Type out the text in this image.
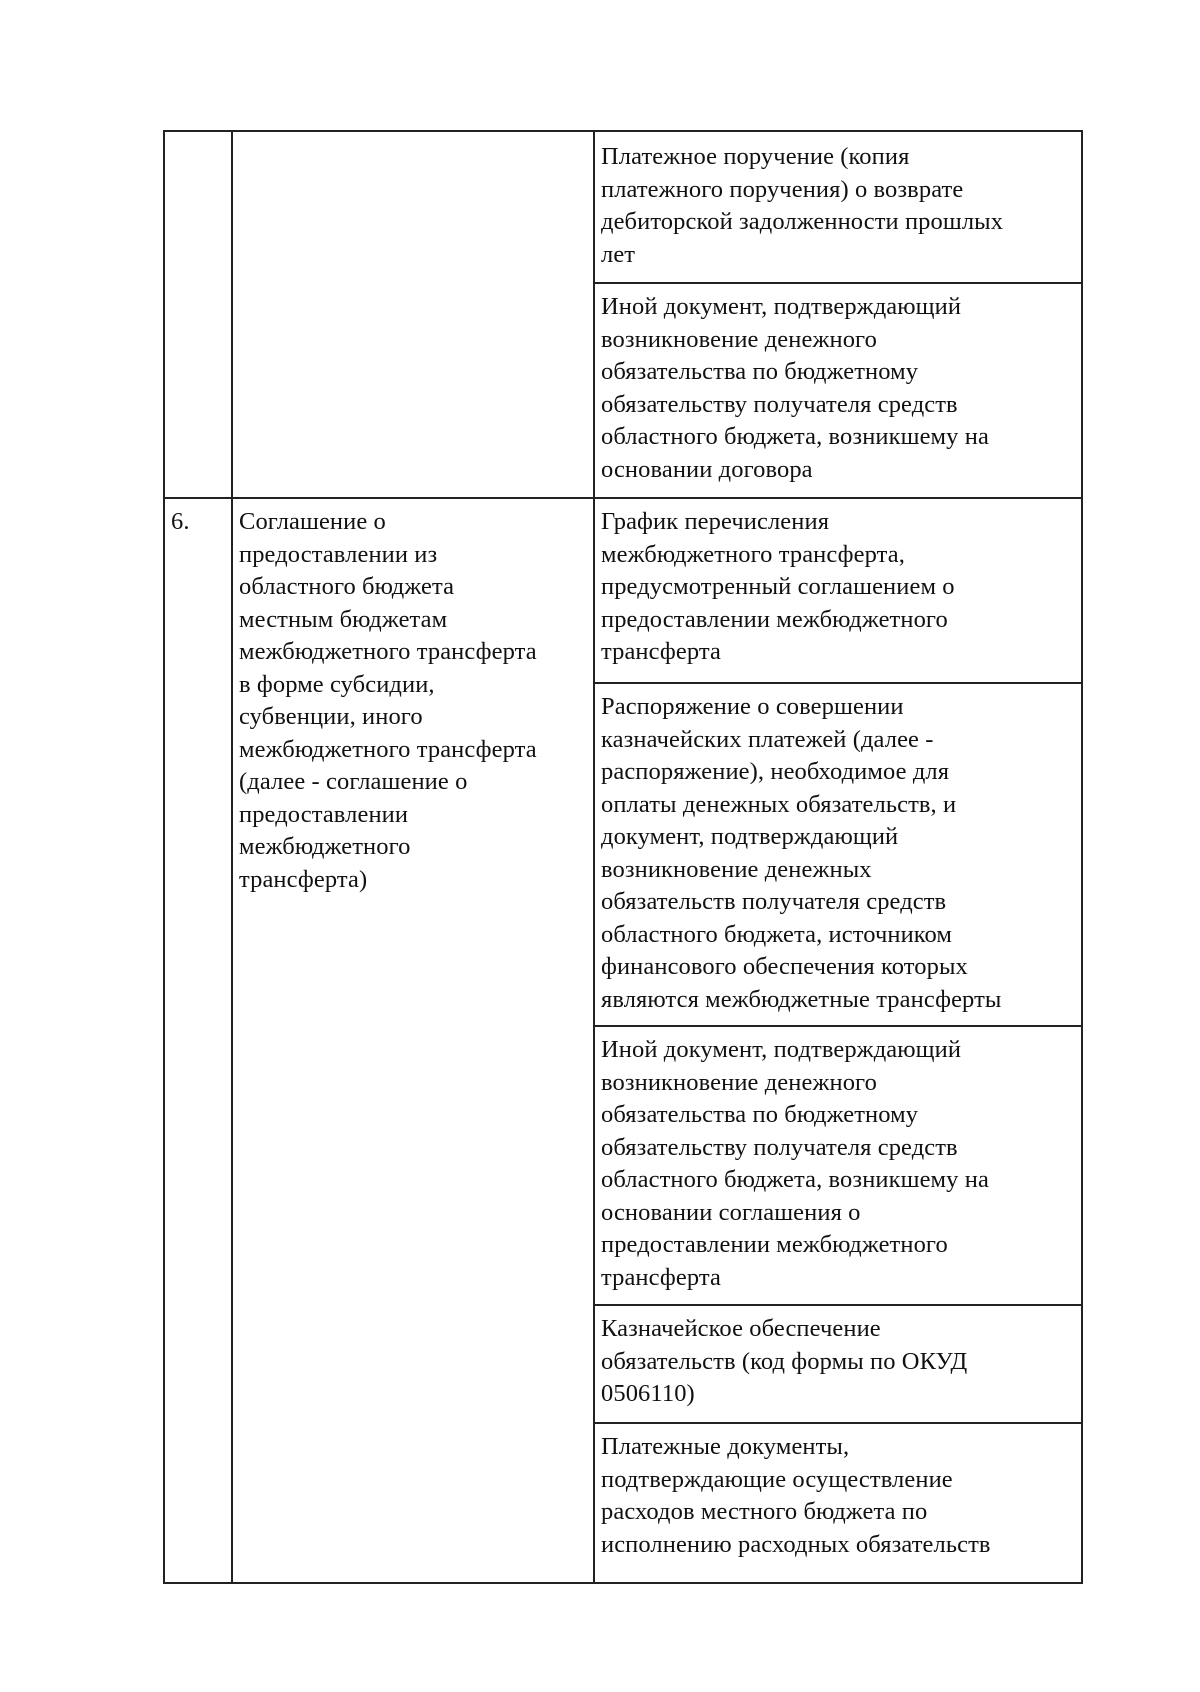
Платежное поручение (копия
платежного поручения) о возврате
дебиторской задолженности прошлых
лет
Иной документ, подтверждающий
возникновение денежного
обязательства по бюджетному
обязательству получателя средств
областного бюджета, возникшему на
основании договора
6. Соглашение о
предоставлении из
областного бюджета
местным бюджетам
межбюджетного трансферта
в форме субсидии,
субвенции, иного
межбюджетного трансферта
(далее - соглашение о
предоставлении
межбюджетного
трансферта)
График перечисления
межбюджетного трансферта,
предусмотренный соглашением о
предоставлении межбюджетного
трансферта
Распоряжение о совершении
казначейских платежей (далее -
распоряжение), необходимое для
оплаты денежных обязательств, и
документ, подтверждающий
возникновение денежных
обязательств получателя средств
областного бюджета, источником
финансового обеспечения которых
являются межбюджетные трансферты
Иной документ, подтверждающий
возникновение денежного
обязательства по бюджетному
обязательству получателя средств
областного бюджета, возникшему на
основании соглашения о
предоставлении межбюджетного
трансферта
Казначейское обеспечение
обязательств (код формы по ОКУД
0506110)
Платежные документы,
подтверждающие осуществление
расходов местного бюджета по
исполнению расходных обязательств
